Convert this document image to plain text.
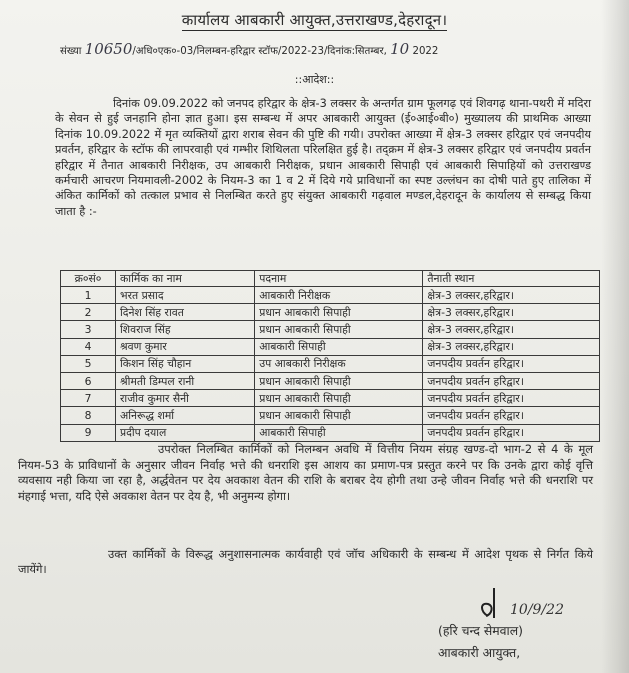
कार्यालय आबकारी आयुक्त,उत्तराखण्ड,देहरादून।
संख्या 10650/अधि०एक०-03/निलम्बन-हरिद्वार स्टॉफ/2022-23/दिनांक:सितम्बर, 10 2022
::आदेश::
दिनांक 09.09.2022 को जनपद हरिद्वार के क्षेत्र-3 लक्सर के अन्तर्गत ग्राम फूलगढ़ एवं शिवगढ़ थाना-पथरी में मदिरा के सेवन से हुई जनहानि होना ज्ञात हुआ। इस सम्बन्ध में अपर आबकारी आयुक्त (ई०आई०बी०) मुख्यालय की प्राथमिक आख्या दिनांक 10.09.2022 में मृत व्यक्तियों द्वारा शराब सेवन की पुष्टि की गयी। उपरोक्त आख्या में क्षेत्र-3 लक्सर हरिद्वार एवं जनपदीय प्रवर्तन, हरिद्वार के स्टॉफ की लापरवाही एवं गम्भीर शिथिलता परिलक्षित हुई है। तद्क्रम में क्षेत्र-3 लक्सर हरिद्वार एवं जनपदीय प्रवर्तन हरिद्वार में तैनात आबकारी निरीक्षक, उप आबकारी निरीक्षक, प्रधान आबकारी सिपाही एवं आबकारी सिपाहियों को उत्तराखण्ड कर्मचारी आचरण नियमावली-2002 के नियम-3 का 1 व 2 में दिये गये प्राविधानों का स्पष्ट उल्लंघन का दोषी पाते हुए तालिका में अंकित कार्मिकों को तत्काल प्रभाव से निलम्बित करते हुए संयुक्त आबकारी गढ़वाल मण्डल,देहरादून के कार्यालय से सम्बद्ध किया जाता है :-
क्र०सं०	कार्मिक का नाम	पदनाम	तैनाती स्थान
1	भरत प्रसाद	आबकारी निरीक्षक	क्षेत्र-3 लक्सर,हरिद्वार।
2	दिनेश सिंह रावत	प्रधान आबकारी सिपाही	क्षेत्र-3 लक्सर,हरिद्वार।
3	शिवराज सिंह	प्रधान आबकारी सिपाही	क्षेत्र-3 लक्सर,हरिद्वार।
4	श्रवण कुमार	आबकारी सिपाही	क्षेत्र-3 लक्सर,हरिद्वार।
5	किशन सिंह चौहान	उप आबकारी निरीक्षक	जनपदीय प्रवर्तन हरिद्वार।
6	श्रीमती डिम्पल रानी	प्रधान आबकारी सिपाही	जनपदीय प्रवर्तन हरिद्वार।
7	राजीव कुमार सैनी	प्रधान आबकारी सिपाही	जनपदीय प्रवर्तन हरिद्वार।
8	अनिरूद्ध शर्मा	प्रधान आबकारी सिपाही	जनपदीय प्रवर्तन हरिद्वार।
9	प्रदीप दयाल	आबकारी सिपाही	जनपदीय प्रवर्तन हरिद्वार।
उपरोक्त निलम्बित कार्मिकों को निलम्बन अवधि में वित्तीय नियम संग्रह खण्ड-दो भाग-2 से 4 के मूल नियम-53 के प्राविधानों के अनुसार जीवन निर्वाह भत्ते की धनराशि इस आशय का प्रमाण-पत्र प्रस्तुत करने पर कि उनके द्वारा कोई वृत्ति व्यवसाय नही किया जा रहा है, अर्द्धवेतन पर देय अवकाश वेतन की राशि के बराबर देय होगी तथा उन्हे जीवन निर्वाह भत्ते की धनराशि पर मंहगाई भत्ता, यदि ऐसे अवकाश वेतन पर देय है, भी अनुमन्य होगा।
उक्त कार्मिकों के विरूद्ध अनुशासनात्मक कार्यवाही एवं जॉच अधिकारी के सम्बन्ध में आदेश पृथक से निर्गत किये जायेंगे।
10/9/22
(हरि चन्द सेमवाल)
आबकारी आयुक्त,
